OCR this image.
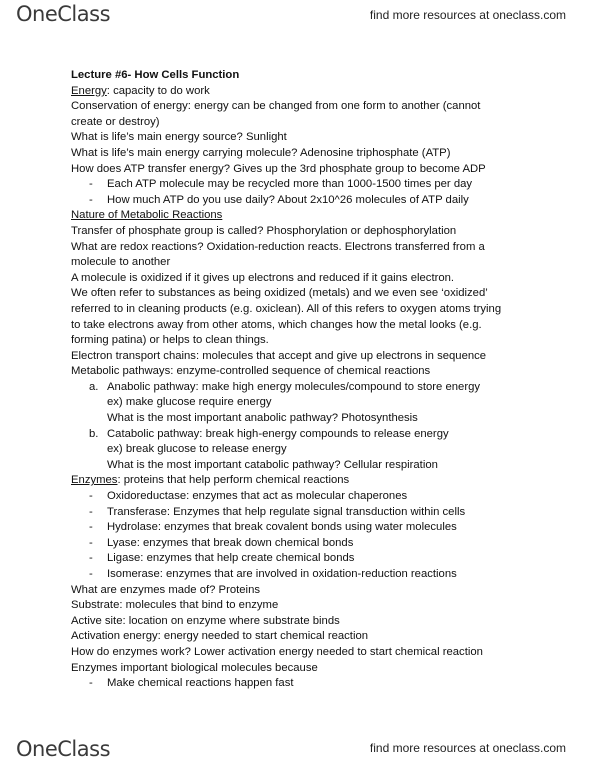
OneClass	find more resources at oneclass.com
Lecture #6- How Cells Function
Energy: capacity to do work
Conservation of energy: energy can be changed from one form to another (cannot
create or destroy)
What is life’s main energy source? Sunlight
What is life’s main energy carrying molecule? Adenosine triphosphate (ATP)
How does ATP transfer energy? Gives up the 3rd phosphate group to become ADP
- Each ATP molecule may be recycled more than 1000-1500 times per day
- How much ATP do you use daily? About 2x10^26 molecules of ATP daily
Nature of Metabolic Reactions
Transfer of phosphate group is called? Phosphorylation or dephosphorylation
What are redox reactions? Oxidation-reduction reacts. Electrons transferred from a
molecule to another
A molecule is oxidized if it gives up electrons and reduced if it gains electron.
We often refer to substances as being oxidized (metals) and we even see ‘oxidized’
referred to in cleaning products (e.g. oxiclean). All of this refers to oxygen atoms trying
to take electrons away from other atoms, which changes how the metal looks (e.g.
forming patina) or helps to clean things.
Electron transport chains: molecules that accept and give up electrons in sequence
Metabolic pathways: enzyme-controlled sequence of chemical reactions
a. Anabolic pathway: make high energy molecules/compound to store energy
ex) make glucose require energy
What is the most important anabolic pathway? Photosynthesis
b. Catabolic pathway: break high-energy compounds to release energy
ex) break glucose to release energy
What is the most important catabolic pathway? Cellular respiration
Enzymes: proteins that help perform chemical reactions
- Oxidoreductase: enzymes that act as molecular chaperones
- Transferase: Enzymes that help regulate signal transduction within cells
- Hydrolase: enzymes that break covalent bonds using water molecules
- Lyase: enzymes that break down chemical bonds
- Ligase: enzymes that help create chemical bonds
- Isomerase: enzymes that are involved in oxidation-reduction reactions
What are enzymes made of? Proteins
Substrate: molecules that bind to enzyme
Active site: location on enzyme where substrate binds
Activation energy: energy needed to start chemical reaction
How do enzymes work? Lower activation energy needed to start chemical reaction
Enzymes important biological molecules because
- Make chemical reactions happen fast
OneClass	find more resources at oneclass.com
